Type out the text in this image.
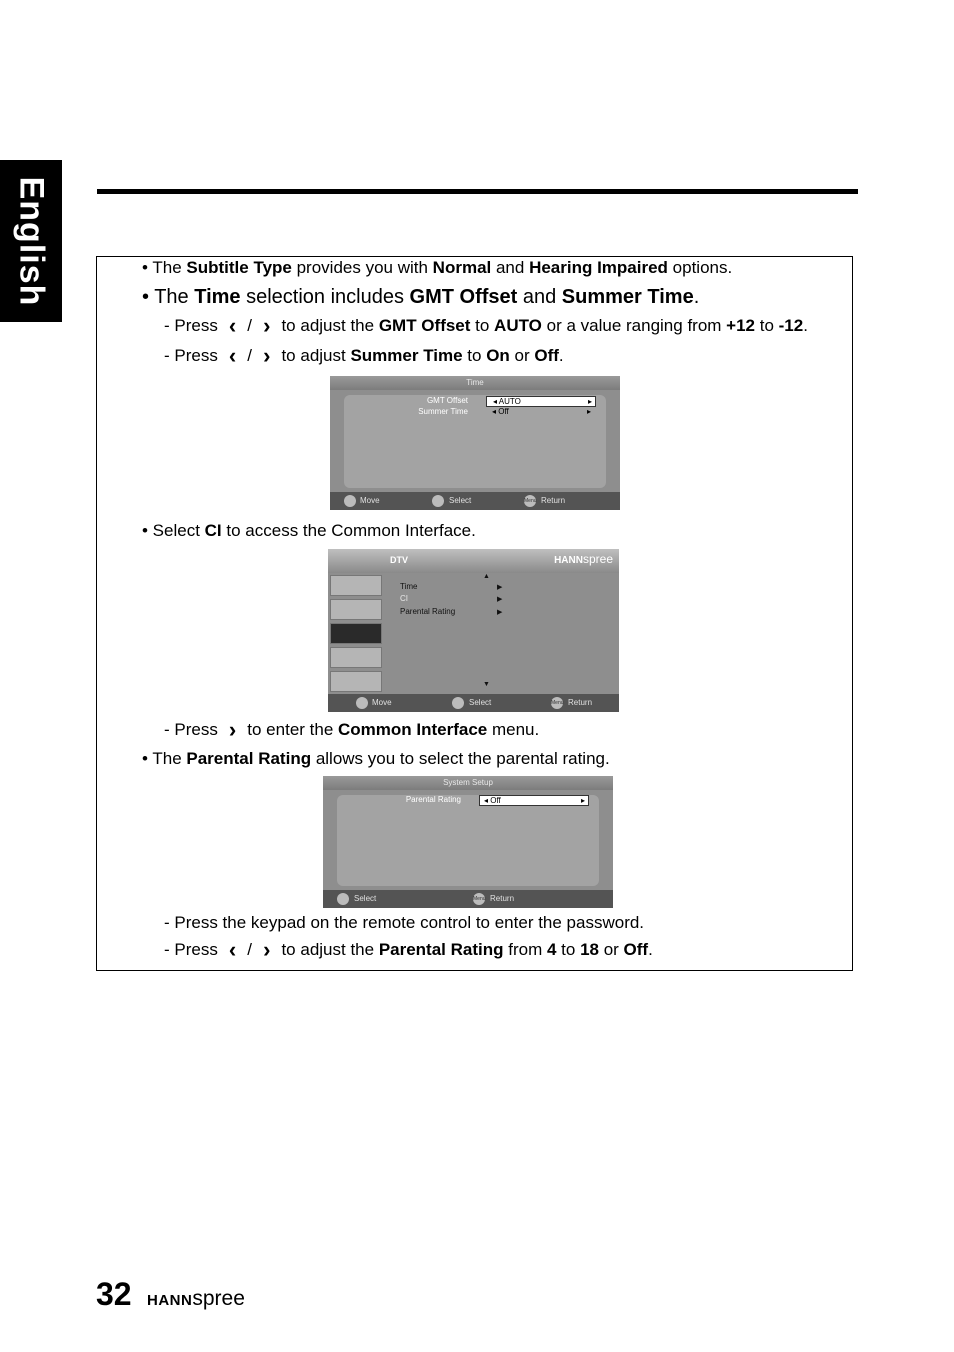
English	• The Subtitle Type provides you with Normal and Hearing Impaired options.
• The Time selection includes GMT Offset and Summer Time.
- Press ‹ / › to adjust the GMT Offset to AUTO or a value ranging from +12 to -12.
- Press ‹ / › to adjust Summer Time to On or Off.
Time
GMT Offset	◂ AUTO	▸
Summer Time	◂ Off	▸
Move	Select	Menu Return
• Select CI to access the Common Interface.
DTV	HANNspree
▲
Time	▶
CI	▶
Parental Rating	▶
▼
Move	Select	Menu Return
- Press › to enter the Common Interface menu.
• The Parental Rating allows you to select the parental rating.
System Setup
Parental Rating	◂ Off	▸
Select	Menu Return
- Press the keypad on the remote control to enter the password.
- Press ‹ / › to adjust the Parental Rating from 4 to 18 or Off.
32 HANNspree
